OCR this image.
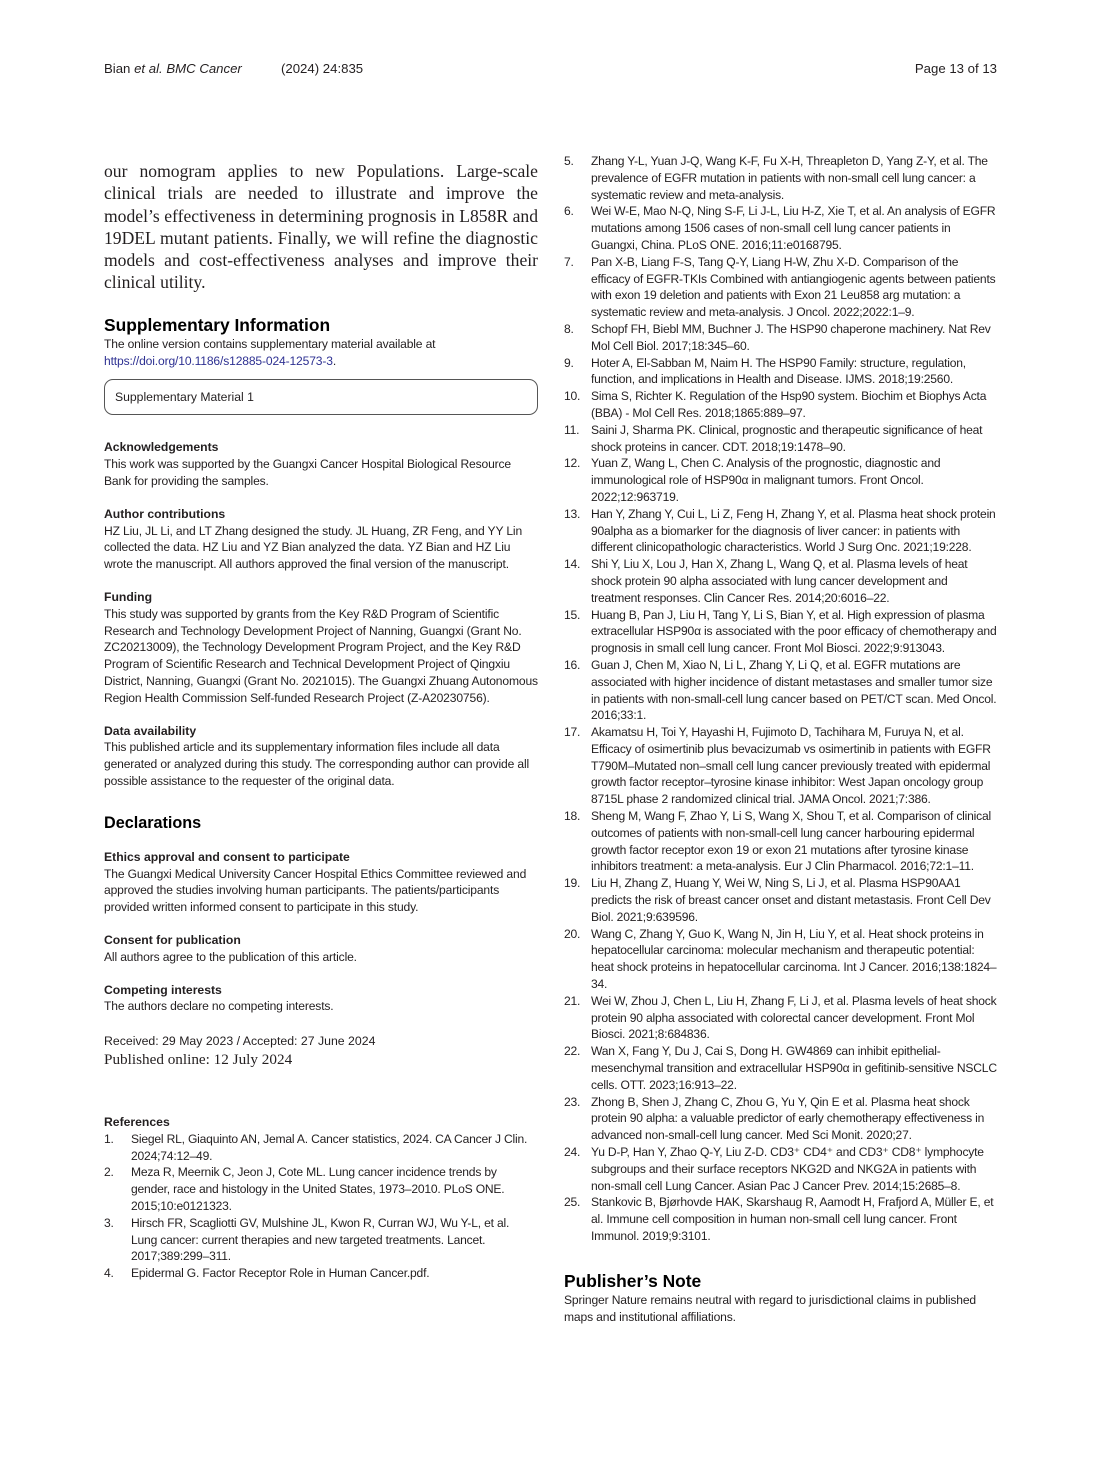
Bian et al. BMC Cancer	(2024) 24:835	Page 13 of 13

our nomogram applies to new Populations. Large-scale clinical trials are needed to illustrate and improve the model’s effectiveness in determining prognosis in L858R and 19DEL mutant patients. Finally, we will refine the diagnostic models and cost-effectiveness analyses and improve their clinical utility.

Supplementary Information

The online version contains supplementary material available at https://doi.org/10.1186/s12885-024-12573-3.

Supplementary Material 1
Acknowledgements

This work was supported by the Guangxi Cancer Hospital Biological Resource Bank for providing the samples.

Author contributions

HZ Liu, JL Li, and LT Zhang designed the study. JL Huang, ZR Feng, and YY Lin collected the data. HZ Liu and YZ Bian analyzed the data. YZ Bian and HZ Liu wrote the manuscript. All authors approved the final version of the manuscript.

Funding

This study was supported by grants from the Key R&D Program of Scientific Research and Technology Development Project of Nanning, Guangxi (Grant No. ZC20213009), the Technology Development Program Project, and the Key R&D Program of Scientific Research and Technical Development Project of Qingxiu District, Nanning, Guangxi (Grant No. 2021015). The Guangxi Zhuang Autonomous Region Health Commission Self-funded Research Project (Z-A20230756).

Data availability

This published article and its supplementary information files include all data generated or analyzed during this study. The corresponding author can provide all possible assistance to the requester of the original data.

Declarations
Ethics approval and consent to participate

The Guangxi Medical University Cancer Hospital Ethics Committee reviewed and approved the studies involving human participants. The patients/participants provided written informed consent to participate in this study.

Consent for publication

All authors agree to the publication of this article.

Competing interests

The authors declare no competing interests.

Received: 29 May 2023 / Accepted: 27 June 2024

Published online: 12 July 2024

References
1. Siegel RL, Giaquinto AN, Jemal A. Cancer statistics, 2024. CA Cancer J Clin. 2024;74:12–49.
2. Meza R, Meernik C, Jeon J, Cote ML. Lung cancer incidence trends by gender, race and histology in the United States, 1973–2010. PLoS ONE. 2015;10:e0121323.
3. Hirsch FR, Scagliotti GV, Mulshine JL, Kwon R, Curran WJ, Wu Y-L, et al. Lung cancer: current therapies and new targeted treatments. Lancet. 2017;389:299–311.
4. Epidermal G. Factor Receptor Role in Human Cancer.pdf.
5. Zhang Y-L, Yuan J-Q, Wang K-F, Fu X-H, Threapleton D, Yang Z-Y, et al. The prevalence of EGFR mutation in patients with non-small cell lung cancer: a systematic review and meta-analysis.
6. Wei W-E, Mao N-Q, Ning S-F, Li J-L, Liu H-Z, Xie T, et al. An analysis of EGFR mutations among 1506 cases of non-small cell lung cancer patients in Guangxi, China. PLoS ONE. 2016;11:e0168795.
7. Pan X-B, Liang F-S, Tang Q-Y, Liang H-W, Zhu X-D. Comparison of the efficacy of EGFR-TKIs Combined with antiangiogenic agents between patients with exon 19 deletion and patients with Exon 21 Leu858 arg mutation: a systematic review and meta-analysis. J Oncol. 2022;2022:1–9.
8. Schopf FH, Biebl MM, Buchner J. The HSP90 chaperone machinery. Nat Rev Mol Cell Biol. 2017;18:345–60.
9. Hoter A, El-Sabban M, Naim H. The HSP90 Family: structure, regulation, function, and implications in Health and Disease. IJMS. 2018;19:2560.
10. Sima S, Richter K. Regulation of the Hsp90 system. Biochim et Biophys Acta (BBA) - Mol Cell Res. 2018;1865:889–97.
11. Saini J, Sharma PK. Clinical, prognostic and therapeutic significance of heat shock proteins in cancer. CDT. 2018;19:1478–90.
12. Yuan Z, Wang L, Chen C. Analysis of the prognostic, diagnostic and immunological role of HSP90α in malignant tumors. Front Oncol. 2022;12:963719.
13. Han Y, Zhang Y, Cui L, Li Z, Feng H, Zhang Y, et al. Plasma heat shock protein 90alpha as a biomarker for the diagnosis of liver cancer: in patients with different clinicopathologic characteristics. World J Surg Onc. 2021;19:228.
14. Shi Y, Liu X, Lou J, Han X, Zhang L, Wang Q, et al. Plasma levels of heat shock protein 90 alpha associated with lung cancer development and treatment responses. Clin Cancer Res. 2014;20:6016–22.
15. Huang B, Pan J, Liu H, Tang Y, Li S, Bian Y, et al. High expression of plasma extracellular HSP90α is associated with the poor efficacy of chemotherapy and prognosis in small cell lung cancer. Front Mol Biosci. 2022;9:913043.
16. Guan J, Chen M, Xiao N, Li L, Zhang Y, Li Q, et al. EGFR mutations are associated with higher incidence of distant metastases and smaller tumor size in patients with non-small-cell lung cancer based on PET/CT scan. Med Oncol. 2016;33:1.
17. Akamatsu H, Toi Y, Hayashi H, Fujimoto D, Tachihara M, Furuya N, et al. Efficacy of osimertinib plus bevacizumab vs osimertinib in patients with EGFR T790M–Mutated non–small cell lung cancer previously treated with epidermal growth factor receptor–tyrosine kinase inhibitor: West Japan oncology group 8715L phase 2 randomized clinical trial. JAMA Oncol. 2021;7:386.
18. Sheng M, Wang F, Zhao Y, Li S, Wang X, Shou T, et al. Comparison of clinical outcomes of patients with non-small-cell lung cancer harbouring epidermal growth factor receptor exon 19 or exon 21 mutations after tyrosine kinase inhibitors treatment: a meta-analysis. Eur J Clin Pharmacol. 2016;72:1–11.
19. Liu H, Zhang Z, Huang Y, Wei W, Ning S, Li J, et al. Plasma HSP90AA1 predicts the risk of breast cancer onset and distant metastasis. Front Cell Dev Biol. 2021;9:639596.
20. Wang C, Zhang Y, Guo K, Wang N, Jin H, Liu Y, et al. Heat shock proteins in hepatocellular carcinoma: molecular mechanism and therapeutic potential: heat shock proteins in hepatocellular carcinoma. Int J Cancer. 2016;138:1824–34.
21. Wei W, Zhou J, Chen L, Liu H, Zhang F, Li J, et al. Plasma levels of heat shock protein 90 alpha associated with colorectal cancer development. Front Mol Biosci. 2021;8:684836.
22. Wan X, Fang Y, Du J, Cai S, Dong H. GW4869 can inhibit epithelial-mesenchymal transition and extracellular HSP90α in gefitinib-sensitive NSCLC cells. OTT. 2023;16:913–22.
23. Zhong B, Shen J, Zhang C, Zhou G, Yu Y, Qin E et al. Plasma heat shock protein 90 alpha: a valuable predictor of early chemotherapy effectiveness in advanced non-small-cell lung cancer. Med Sci Monit. 2020;27.
24. Yu D-P, Han Y, Zhao Q-Y, Liu Z-D. CD3⁺ CD4⁺ and CD3⁺ CD8⁺ lymphocyte subgroups and their surface receptors NKG2D and NKG2A in patients with non-small cell Lung Cancer. Asian Pac J Cancer Prev. 2014;15:2685–8.
25. Stankovic B, Bjørhovde HAK, Skarshaug R, Aamodt H, Frafjord A, Müller E, et al. Immune cell composition in human non-small cell lung cancer. Front Immunol. 2019;9:3101.
Publisher’s Note

Springer Nature remains neutral with regard to jurisdictional claims in published maps and institutional affiliations.
